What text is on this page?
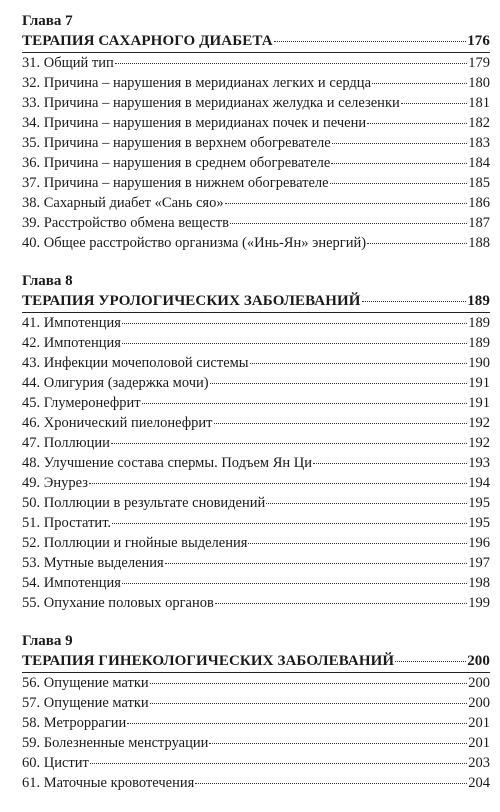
Глава 7
ТЕРАПИЯ САХАРНОГО ДИАБЕТА	176
31. Общий тип	179
32. Причина – нарушения в меридианах легких и сердца	180
33. Причина – нарушения в меридианах желудка и селезенки	181
34. Причина – нарушения в меридианах почек и печени	182
35. Причина – нарушения в верхнем обогревателе	183
36. Причина – нарушения в среднем обогревателе	184
37. Причина – нарушения в нижнем обогревателе	185
38. Сахарный диабет «Сань сяо»	186
39. Расстройство обмена веществ	187
40. Общее расстройство организма («Инь-Ян» энергий)	188
Глава 8
ТЕРАПИЯ УРОЛОГИЧЕСКИХ ЗАБОЛЕВАНИЙ	189
41. Импотенция	189
42. Импотенция	189
43. Инфекции мочеполовой системы	190
44. Олигурия (задержка мочи)	191
45. Глумеронефрит	191
46. Хронический пиелонефрит	192
47. Поллюции	192
48. Улучшение состава спермы. Подъем Ян Ци	193
49. Энурез	194
50. Поллюции в результате сновидений	195
51. Простатит.	195
52. Поллюции и гнойные выделения	196
53. Мутные выделения	197
54. Импотенция	198
55. Опухание половых органов	199
Глава 9
ТЕРАПИЯ ГИНЕКОЛОГИЧЕСКИХ ЗАБОЛЕВАНИЙ	200
56. Опущение матки	200
57. Опущение матки	200
58. Метроррагии	201
59. Болезненные менструации	201
60. Цистит	203
61. Маточные кровотечения	204
